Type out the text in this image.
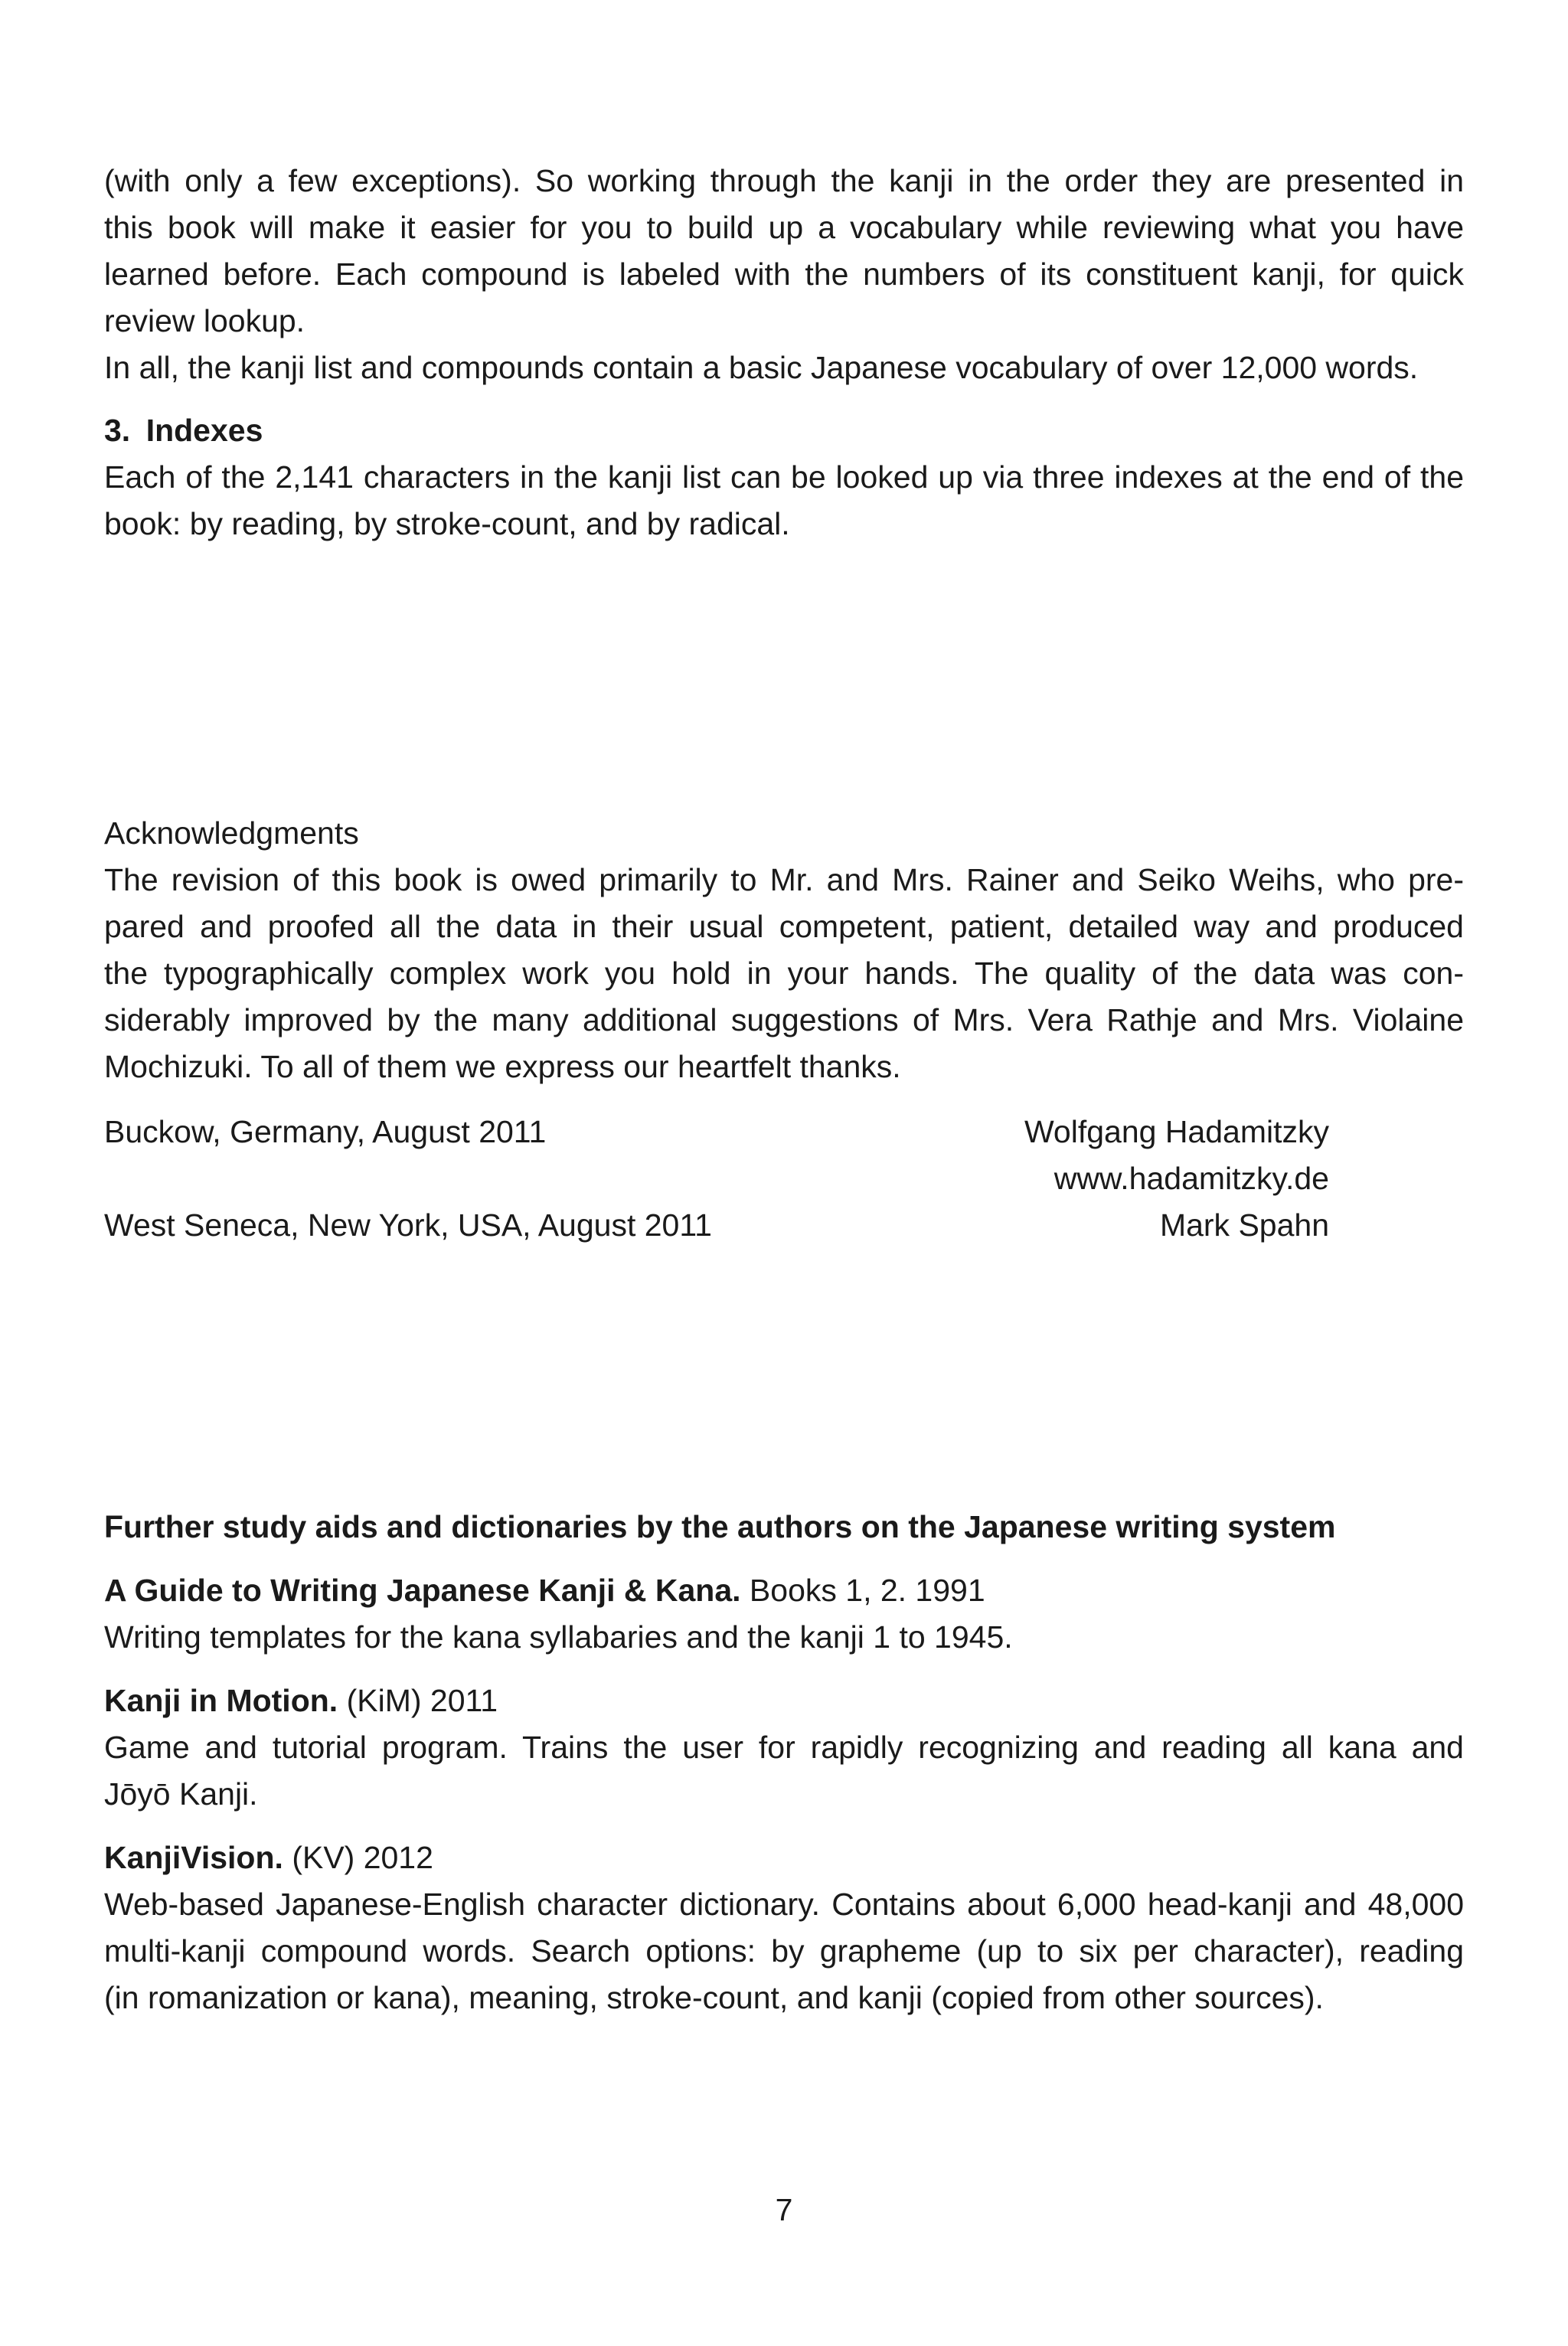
(with only a few exceptions). So working through the kanji in the order they are presented in
this book will make it easier for you to build up a vocabulary while reviewing what you have
learned before. Each compound is labeled with the numbers of its constituent kanji, for quick
review lookup.
In all, the kanji list and compounds contain a basic Japanese vocabulary of over 12,000 words.
3. Indexes
Each of the 2,141 characters in the kanji list can be looked up via three indexes at the end of the
book: by reading, by stroke-count, and by radical.
Acknowledgments
The revision of this book is owed primarily to Mr. and Mrs. Rainer and Seiko Weihs, who pre-
pared and proofed all the data in their usual competent, patient, detailed way and produced
the typographically complex work you hold in your hands. The quality of the data was con-
siderably improved by the many additional suggestions of Mrs. Vera Rathje and Mrs. Violaine
Mochizuki. To all of them we express our heartfelt thanks.
Buckow, Germany, August 2011	Wolfgang Hadamitzky
www.hadamitzky.de
West Seneca, New York, USA, August 2011	Mark Spahn
Further study aids and dictionaries by the authors on the Japanese writing system
A Guide to Writing Japanese Kanji & Kana. Books 1, 2. 1991
Writing templates for the kana syllabaries and the kanji 1 to 1945.
Kanji in Motion. (KiM) 2011
Game and tutorial program. Trains the user for rapidly recognizing and reading all kana and
Jōyō Kanji.
KanjiVision. (KV) 2012
Web-based Japanese-English character dictionary. Contains about 6,000 head-kanji and 48,000
multi-kanji compound words. Search options: by grapheme (up to six per character), reading
(in romanization or kana), meaning, stroke-count, and kanji (copied from other sources).
7
